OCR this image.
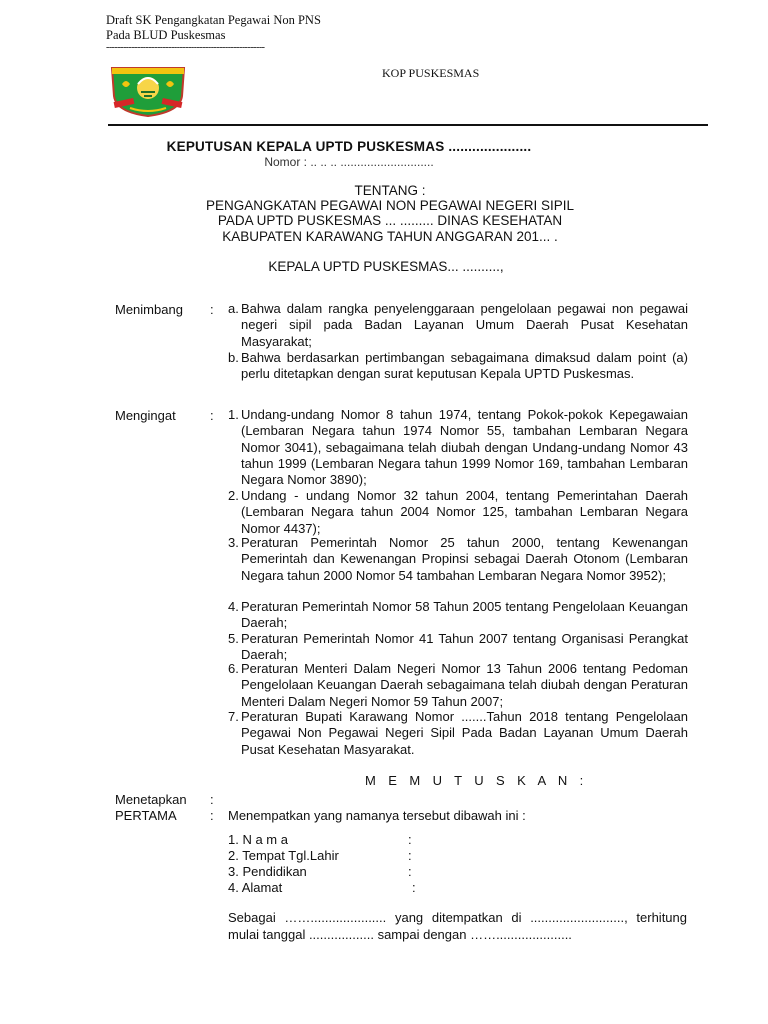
Draft SK Pengangkatan Pegawai Non PNS
Pada BLUD Puskesmas
--------------------------------------------------------
KOP PUSKESMAS
KEPUTUSAN KEPALA UPTD PUSKESMAS .....................
Nomor : .. .. .. ............................
TENTANG :
PENGANGKATAN PEGAWAI NON PEGAWAI NEGERI SIPIL
PADA UPTD PUSKESMAS ... ......... DINAS KESEHATAN
KABUPATEN KARAWANG TAHUN ANGGARAN 201... .
KEPALA UPTD PUSKESMAS... ..........,
Menimbang : a. Bahwa dalam rangka penyelenggaraan pengelolaan pegawai non pegawai negeri sipil pada Badan Layanan Umum Daerah Pusat Kesehatan Masyarakat;
b. Bahwa berdasarkan pertimbangan sebagaimana dimaksud dalam point (a) perlu ditetapkan dengan surat keputusan Kepala UPTD Puskesmas.
Mengingat	: 1. Undang-undang Nomor 8 tahun 1974, tentang Pokok-pokok Kepegawaian (Lembaran Negara tahun 1974 Nomor 55, tambahan Lembaran Negara Nomor 3041), sebagaimana telah diubah dengan Undang-undang Nomor 43 tahun 1999 (Lembaran Negara tahun 1999 Nomor 169, tambahan Lembaran Negara Nomor 3890);
2. Undang - undang Nomor 32 tahun 2004, tentang Pemerintahan Daerah (Lembaran Negara tahun 2004 Nomor 125, tambahan Lembaran Negara Nomor 4437);
3. Peraturan Pemerintah Nomor 25 tahun 2000, tentang Kewenangan Pemerintah dan Kewenangan Propinsi sebagai Daerah Otonom (Lembaran Negara tahun 2000 Nomor 54 tambahan Lembaran Negara Nomor 3952);
4. Peraturan Pemerintah Nomor 58 Tahun 2005 tentang Pengelolaan Keuangan Daerah;
5. Peraturan Pemerintah Nomor 41 Tahun 2007 tentang Organisasi Perangkat Daerah;
6. Peraturan Menteri Dalam Negeri Nomor 13 Tahun 2006 tentang Pedoman Pengelolaan Keuangan Daerah sebagaimana telah diubah dengan Peraturan Menteri Dalam Negeri Nomor 59 Tahun 2007;
7. Peraturan Bupati Karawang Nomor .......Tahun 2018 tentang Pengelolaan Pegawai Non Pegawai Negeri Sipil Pada Badan Layanan Umum Daerah Pusat Kesehatan Masyarakat.
M E M U T U S K A N :
Menetapkan :
PERTAMA	: Menempatkan yang namanya tersebut dibawah ini :
1. N a m a	:
2. Tempat Tgl.Lahir	:
3. Pendidikan	:
4. Alamat	:
Sebagai ……..................... yang ditempatkan di .........................., terhitung mulai tanggal .................. sampai dengan …….....................
